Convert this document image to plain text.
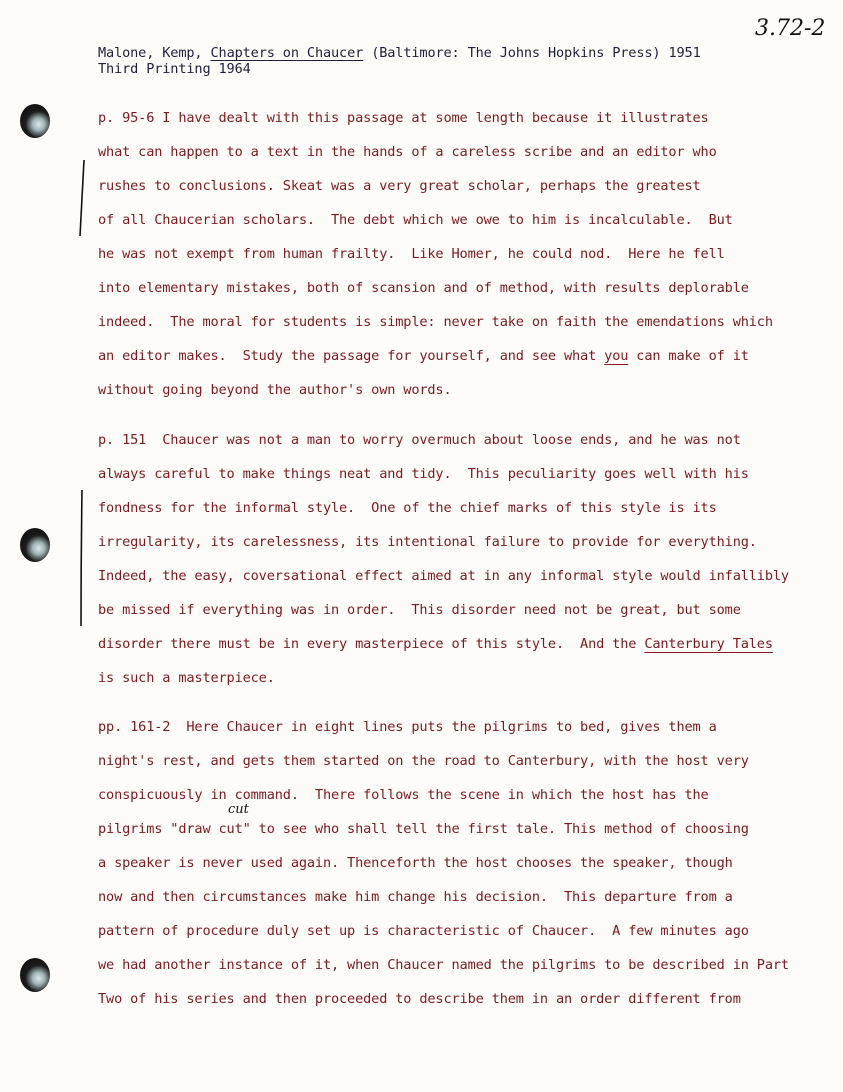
3.72-2
Malone, Kemp, Chapters on Chaucer (Baltimore: The Johns Hopkins Press) 1951
Third Printing 1964
p. 95-6 I have dealt with this passage at some length because it illustrates
what can happen to a text in the hands of a careless scribe and an editor who
rushes to conclusions. Skeat was a very great scholar, perhaps the greatest
of all Chaucerian scholars.  The debt which we owe to him is incalculable.  But
he was not exempt from human frailty.  Like Homer, he could nod.  Here he fell
into elementary mistakes, both of scansion and of method, with results deplorable
indeed.  The moral for students is simple: never take on faith the emendations which
an editor makes.  Study the passage for yourself, and see what you can make of it
without going beyond the author's own words.
p. 151  Chaucer was not a man to worry overmuch about loose ends, and he was not
always careful to make things neat and tidy.  This peculiarity goes well with his
fondness for the informal style.  One of the chief marks of this style is its
irregularity, its carelessness, its intentional failure to provide for everything.
Indeed, the easy, coversational effect aimed at in any informal style would infallibly
be missed if everything was in order.  This disorder need not be great, but some
disorder there must be in every masterpiece of this style.  And the Canterbury Tales
is such a masterpiece.
pp. 161-2  Here Chaucer in eight lines puts the pilgrims to bed, gives them a
night's rest, and gets them started on the road to Canterbury, with the host very
conspicuously in command.  There follows the scene in which the host has the
cut
pilgrims "draw cut" to see who shall tell the first tale. This method of choosing
a speaker is never used again. Thenceforth the host chooses the speaker, though
now and then circumstances make him change his decision.  This departure from a
pattern of procedure duly set up is characteristic of Chaucer.  A few minutes ago
we had another instance of it, when Chaucer named the pilgrims to be described in Part
Two of his series and then proceeded to describe them in an order different from
